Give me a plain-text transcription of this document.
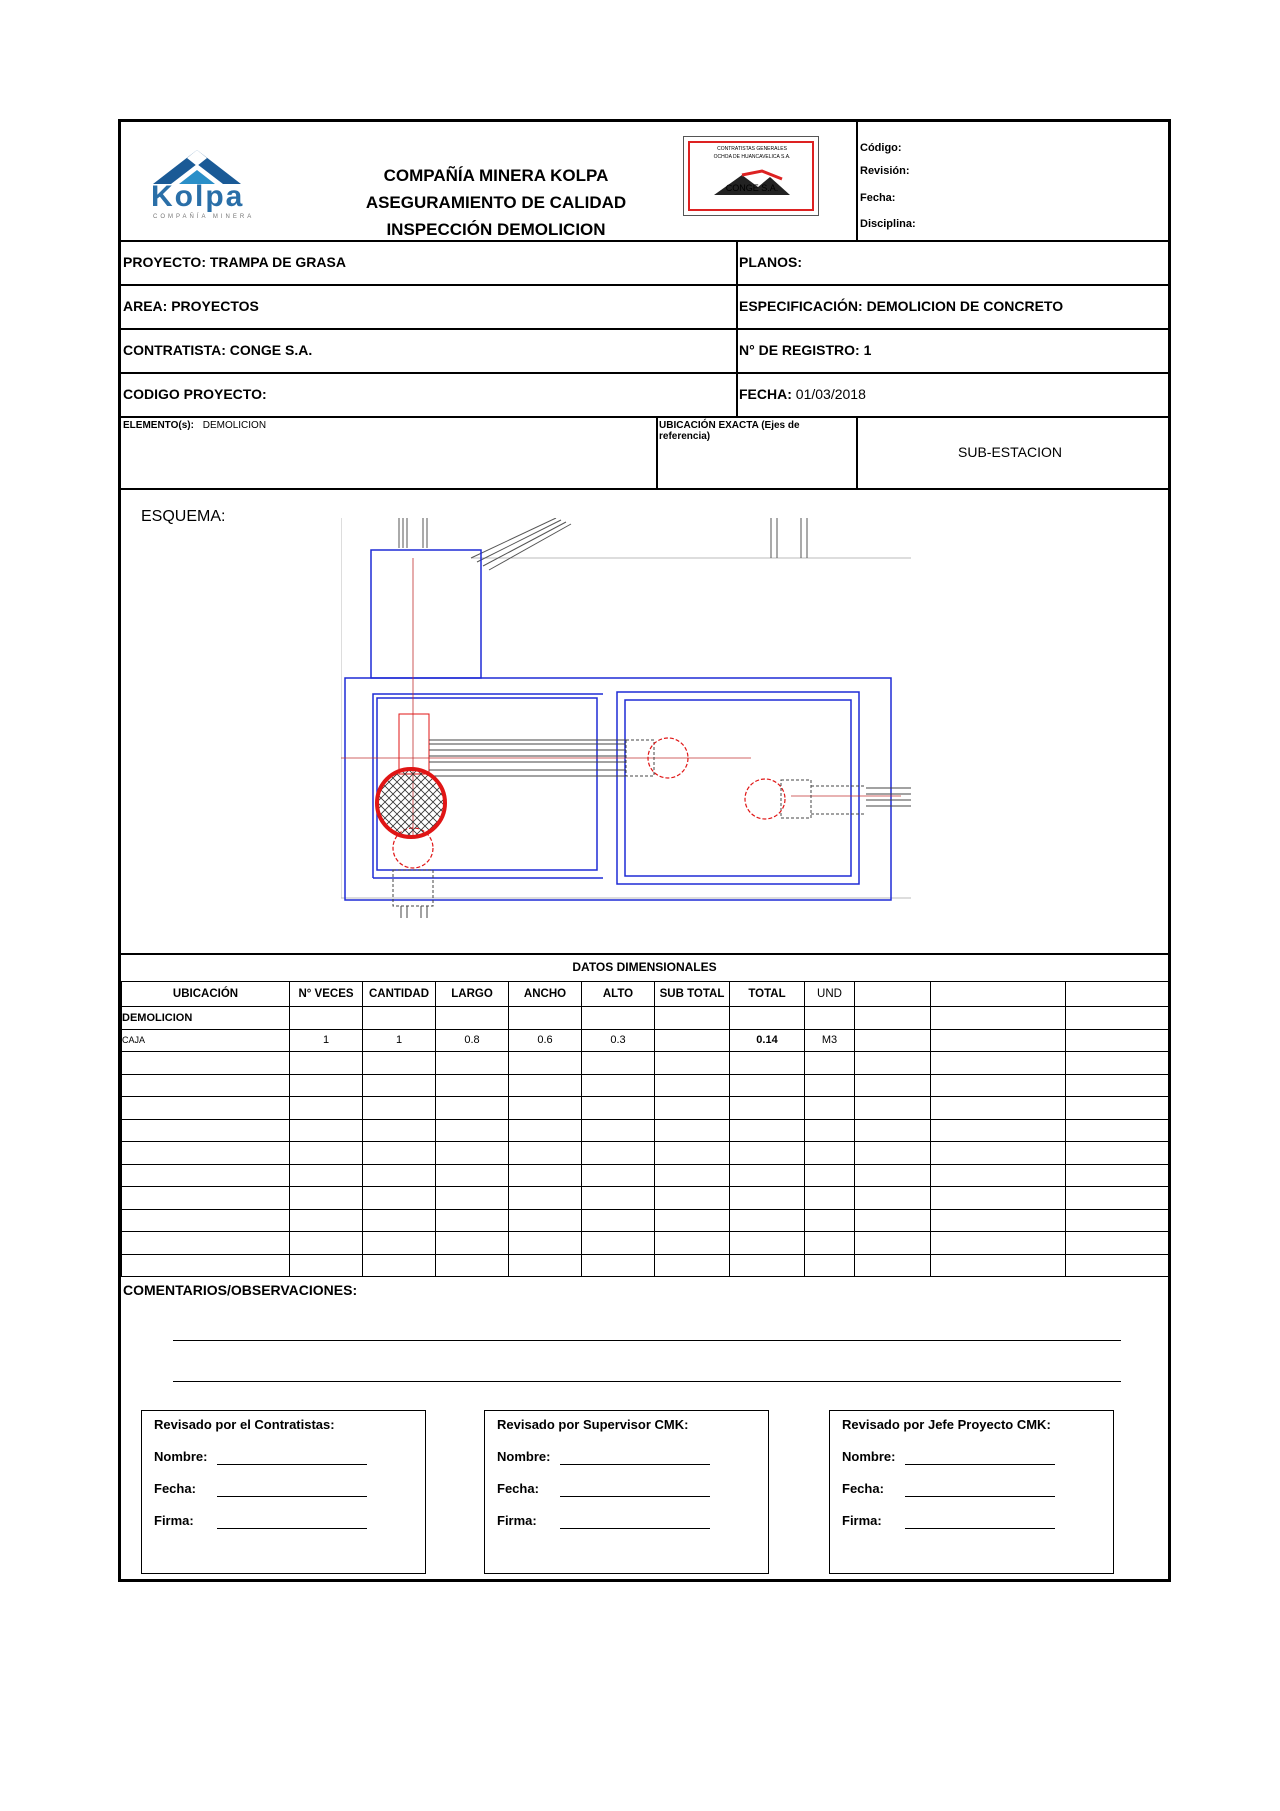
Kolpa
COMPAÑÍA MINERA
COMPAÑÍA MINERA KOLPA
ASEGURAMIENTO DE CALIDAD
INSPECCIÓN DEMOLICION
CONTRATISTAS GENERALES
OCHOA DE HUANCAVELICA S.A.
CONGE S.A.
Código:
Revisión:
Fecha:
Disciplina:
PROYECTO: TRAMPA DE GRASA	PLANOS:
AREA: PROYECTOS	ESPECIFICACIÓN: DEMOLICION DE CONCRETO
CONTRATISTA: CONGE S.A.	N° DE REGISTRO: 1
CODIGO PROYECTO:	FECHA: 01/03/2018
ELEMENTO(s): DEMOLICION	UBICACIÓN EXACTA (Ejes de referencia)
SUB-ESTACION
ESQUEMA:
DATOS DIMENSIONALES
UBICACIÓN	N° VECES	CANTIDAD	LARGO	ANCHO	ALTO	SUB TOTAL	TOTAL	UND			
DEMOLICION											
CAJA	1	1	0.8	0.6	0.3		0.14	M3			

COMENTARIOS/OBSERVACIONES:
Revisado por el Contratistas:
Nombre:
Fecha:
Firma:
Revisado por Supervisor CMK:
Nombre:
Fecha:
Firma:
Revisado por Jefe Proyecto CMK:
Nombre:
Fecha:
Firma:
